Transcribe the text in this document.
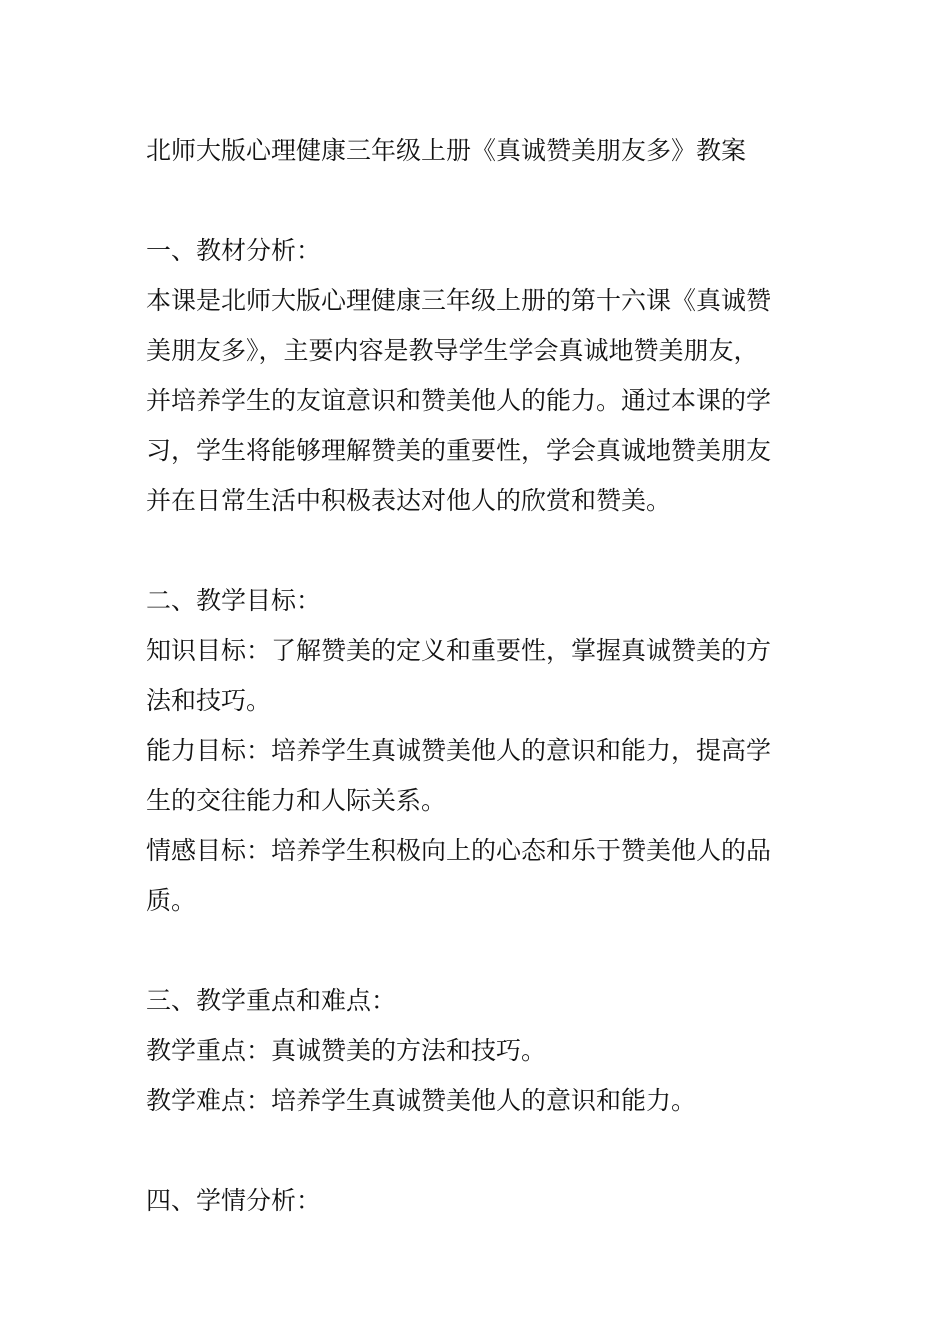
北师大版心理健康三年级上册《真诚赞美朋友多》教案

一、教材分析：

本课是北师大版心理健康三年级上册的第十六课《真诚赞

美朋友多》，主要内容是教导学生学会真诚地赞美朋友，

并培养学生的友谊意识和赞美他人的能力。通过本课的学

习，学生将能够理解赞美的重要性，学会真诚地赞美朋友

并在日常生活中积极表达对他人的欣赏和赞美。

二、教学目标：

知识目标：了解赞美的定义和重要性，掌握真诚赞美的方

法和技巧。

能力目标：培养学生真诚赞美他人的意识和能力，提高学

生的交往能力和人际关系。

情感目标：培养学生积极向上的心态和乐于赞美他人的品

质。

三、教学重点和难点：

教学重点：真诚赞美的方法和技巧。

教学难点：培养学生真诚赞美他人的意识和能力。

四、学情分析：
